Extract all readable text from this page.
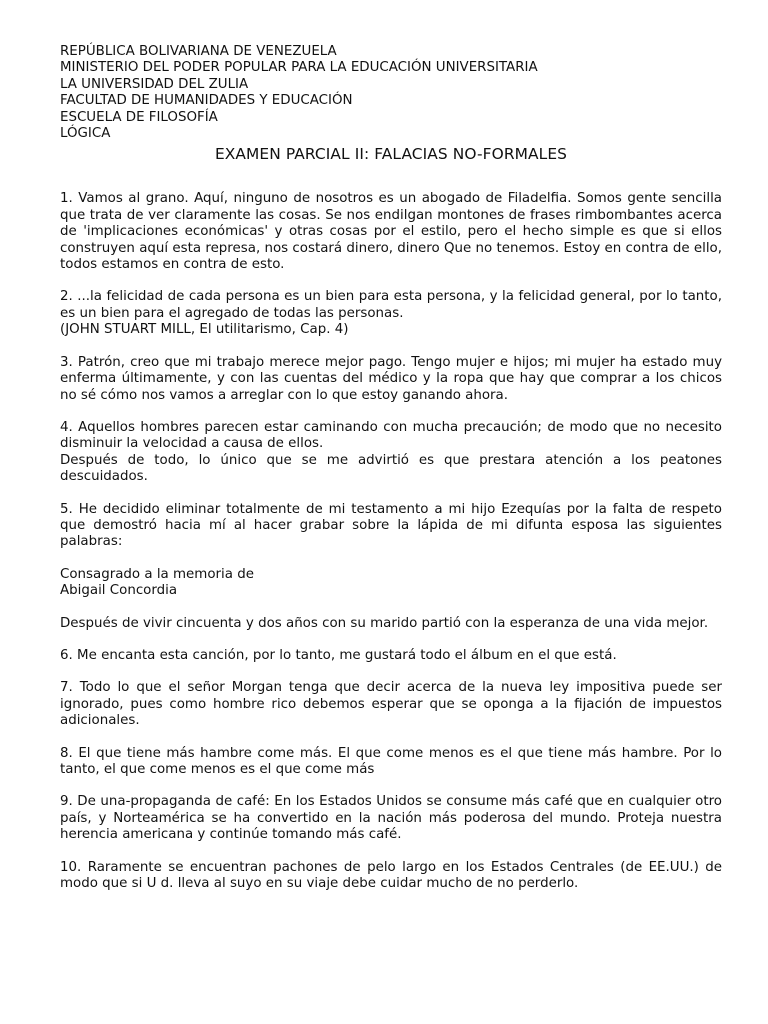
REPÚBLICA BOLIVARIANA DE VENEZUELA

MINISTERIO DEL PODER POPULAR PARA LA EDUCACIÓN UNIVERSITARIA

LA UNIVERSIDAD DEL ZULIA

FACULTAD DE HUMANIDADES Y EDUCACIÓN

ESCUELA DE FILOSOFÍA

LÓGICA

EXAMEN PARCIAL II: FALACIAS NO-FORMALES

1. Vamos al grano. Aquí, ninguno de nosotros es un abogado de Filadelfia. Somos gente sencilla que trata de ver claramente las cosas. Se nos endilgan montones de frases rimbombantes acerca de 'implicaciones económicas' y otras cosas por el estilo, pero el hecho simple es que si ellos construyen aquí esta represa, nos costará dinero, dinero Que no tenemos. Estoy en contra de ello, todos estamos en contra de esto.

2. ...la felicidad de cada persona es un bien para esta persona, y la felicidad general, por lo tanto, es un bien para el agregado de todas las personas.

(JOHN STUART MILL, El utilitarismo, Cap. 4)

3. Patrón, creo que mi trabajo merece mejor pago. Tengo mujer e hijos; mi mujer ha estado muy enferma últimamente, y con las cuentas del médico y la ropa que hay que comprar a los chicos no sé cómo nos vamos a arreglar con lo que estoy ganando ahora.

4. Aquellos hombres parecen estar caminando con mucha precaución; de modo que no necesito disminuir la velocidad a causa de ellos.

Después de todo, lo único que se me advirtió es que prestara atención a los peatones descuidados.

5. He decidido eliminar totalmente de mi testamento a mi hijo Ezequías por la falta de respeto que demostró hacia mí al hacer grabar sobre la lápida de mi difunta esposa las siguientes palabras:

Consagrado a la memoria de

Abigail Concordia

Después de vivir cincuenta y dos años con su marido partió con la esperanza de una vida mejor.

6. Me encanta esta canción, por lo tanto, me gustará todo el álbum en el que está.

7. Todo lo que el señor Morgan tenga que decir acerca de la nueva ley impositiva puede ser ignorado, pues como hombre rico debemos esperar que se oponga a la fijación de impuestos adicionales.

8. El que tiene más hambre come más. El que come menos es el que tiene más hambre. Por lo tanto, el que come menos es el que come más

9. De una-propaganda de café: En los Estados Unidos se consume más café que en cualquier otro país, y Norteamérica se ha convertido en la nación más poderosa del mundo. Proteja nuestra herencia americana y continúe tomando más café.

10. Raramente se encuentran pachones de pelo largo en los Estados Centrales (de EE.UU.) de modo que si U d. lleva al suyo en su viaje debe cuidar mucho de no perderlo.
